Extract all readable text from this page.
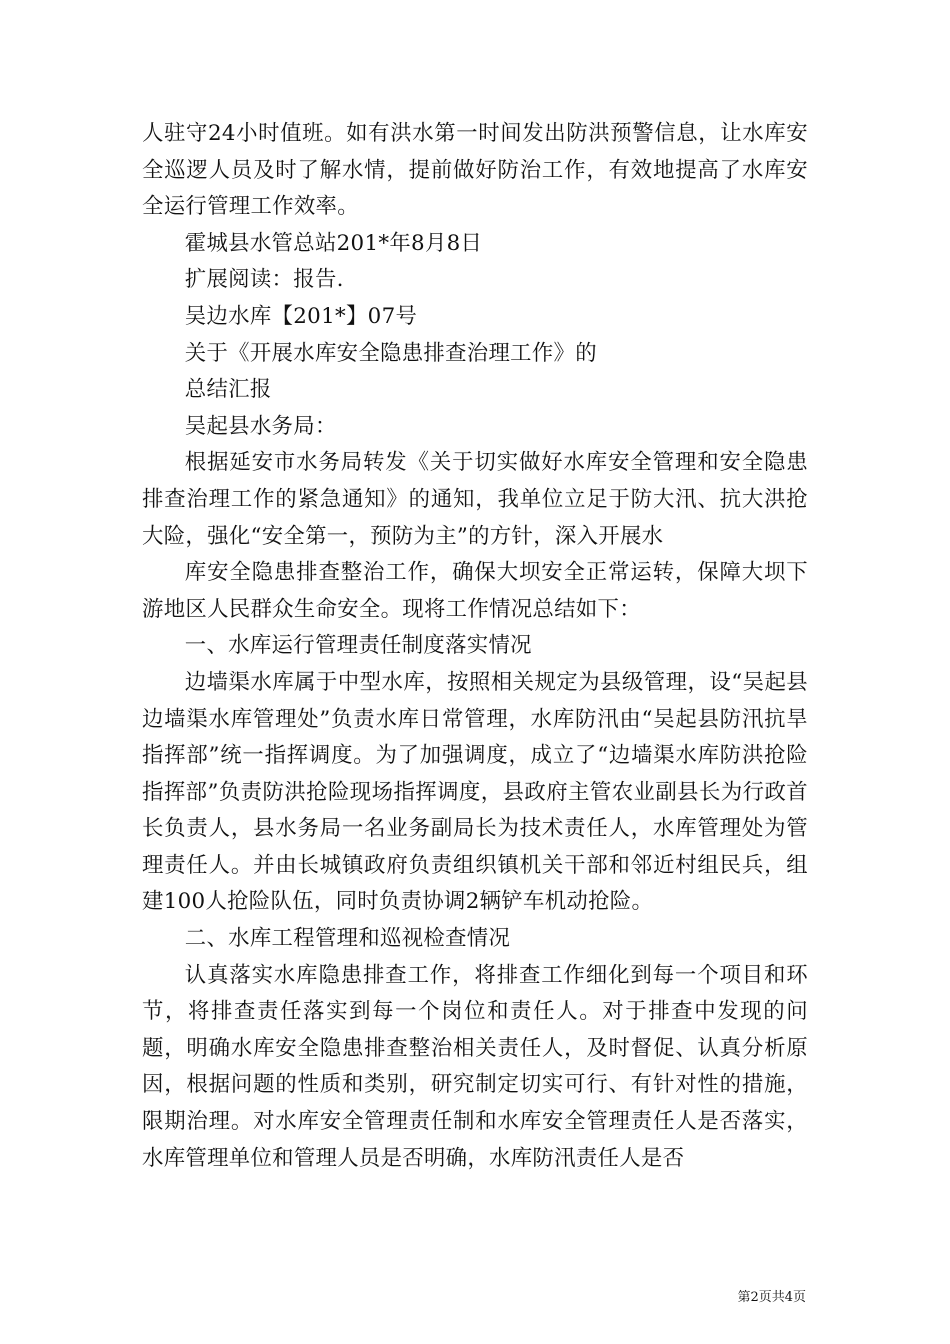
人驻守24小时值班。如有洪水第一时间发出防洪预警信息，让水库安全巡逻人员及时了解水情，提前做好防治工作，有效地提高了水库安全运行管理工作效率。

霍城县水管总站201*年8月8日

扩展阅读：报告.

吴边水库【201*】07号

关于《开展水库安全隐患排查治理工作》的

总结汇报

吴起县水务局：

根据延安市水务局转发《关于切实做好水库安全管理和安全隐患排查治理工作的紧急通知》的通知，我单位立足于防大汛、抗大洪抢大险，强化“安全第一，预防为主”的方针，深入开展水

库安全隐患排查整治工作，确保大坝安全正常运转，保障大坝下游地区人民群众生命安全。现将工作情况总结如下：

一、水库运行管理责任制度落实情况

边墙渠水库属于中型水库，按照相关规定为县级管理，设“吴起县边墙渠水库管理处”负责水库日常管理，水库防汛由“吴起县防汛抗旱指挥部”统一指挥调度。为了加强调度，成立了“边墙渠水库防洪抢险指挥部”负责防洪抢险现场指挥调度，县政府主管农业副县长为行政首长负责人，县水务局一名业务副局长为技术责任人，水库管理处为管理责任人。并由长城镇政府负责组织镇机关干部和邻近村组民兵，组建100人抢险队伍，同时负责协调2辆铲车机动抢险。

二、水库工程管理和巡视检查情况

认真落实水库隐患排查工作，将排查工作细化到每一个项目和环节，将排查责任落实到每一个岗位和责任人。对于排查中发现的问题，明确水库安全隐患排查整治相关责任人，及时督促、认真分析原因，根据问题的性质和类别，研究制定切实可行、有针对性的措施，限期治理。对水库安全管理责任制和水库安全管理责任人是否落实，水库管理单位和管理人员是否明确，水库防汛责任人是否

第2页共4页
